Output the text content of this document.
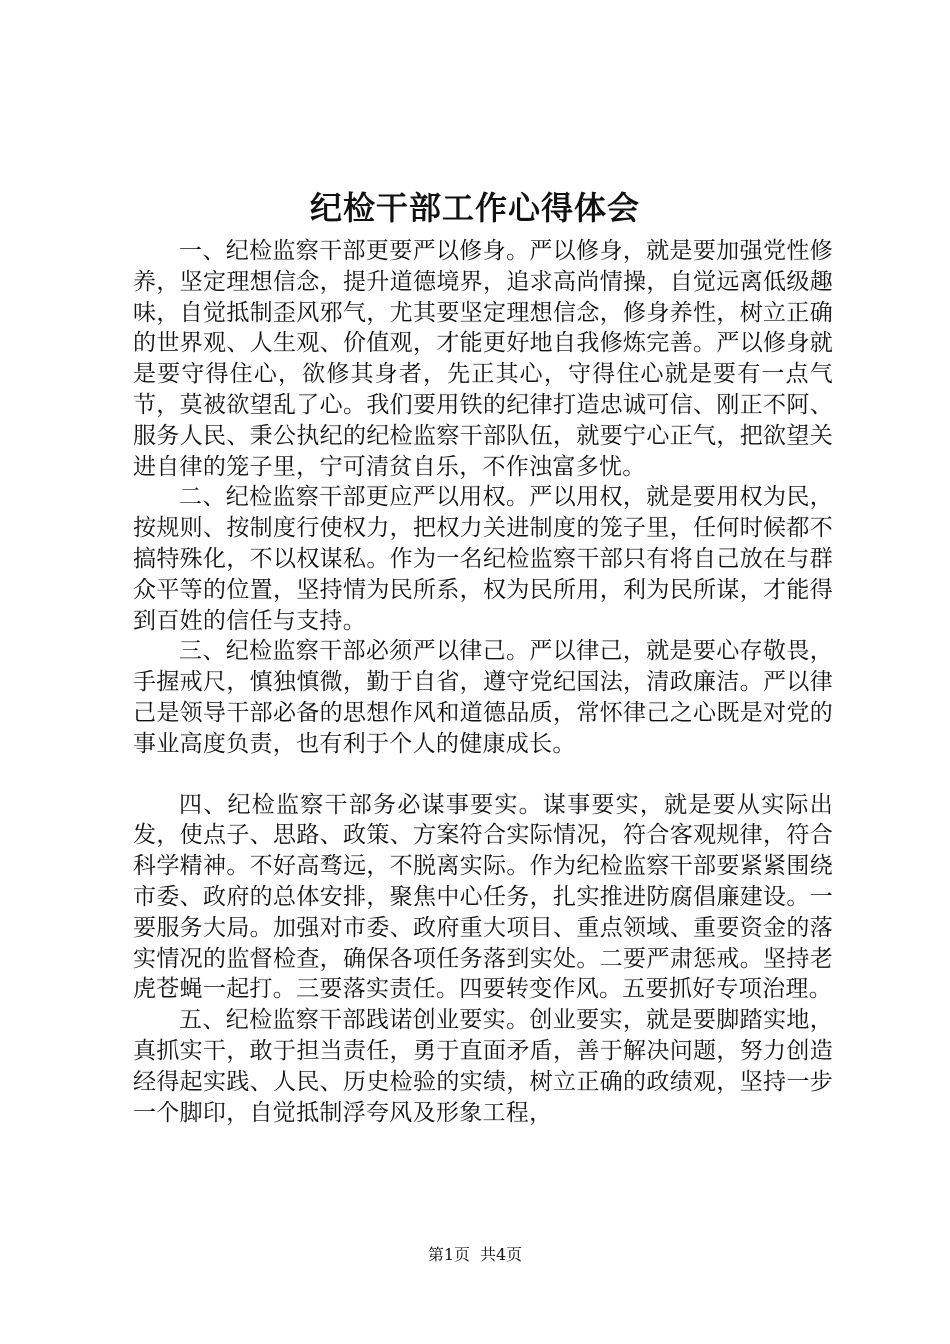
纪检干部工作心得体会

一、纪检监察干部更要严以修身。严以修身，就是要加强党性修养，坚定理想信念，提升道德境界，追求高尚情操，自觉远离低级趣味，自觉抵制歪风邪气，尤其要坚定理想信念，修身养性，树立正确的世界观、人生观、价值观，才能更好地自我修炼完善。严以修身就是要守得住心，欲修其身者，先正其心，守得住心就是要有一点气节，莫被欲望乱了心。我们要用铁的纪律打造忠诚可信、刚正不阿、服务人民、秉公执纪的纪检监察干部队伍，就要宁心正气，把欲望关进自律的笼子里，宁可清贫自乐，不作浊富多忧。

二、纪检监察干部更应严以用权。严以用权，就是要用权为民，按规则、按制度行使权力，把权力关进制度的笼子里，任何时候都不搞特殊化，不以权谋私。作为一名纪检监察干部只有将自己放在与群众平等的位置，坚持情为民所系，权为民所用，利为民所谋，才能得到百姓的信任与支持。

三、纪检监察干部必须严以律己。严以律己，就是要心存敬畏，手握戒尺，慎独慎微，勤于自省，遵守党纪国法，清政廉洁。严以律己是领导干部必备的思想作风和道德品质，常怀律己之心既是对党的事业高度负责，也有利于个人的健康成长。

四、纪检监察干部务必谋事要实。谋事要实，就是要从实际出发，使点子、思路、政策、方案符合实际情况，符合客观规律，符合科学精神。不好高骛远，不脱离实际。作为纪检监察干部要紧紧围绕市委、政府的总体安排，聚焦中心任务，扎实推进防腐倡廉建设。一要服务大局。加强对市委、政府重大项目、重点领域、重要资金的落实情况的监督检查，确保各项任务落到实处。二要严肃惩戒。坚持老虎苍蝇一起打。三要落实责任。四要转变作风。五要抓好专项治理。

五、纪检监察干部践诺创业要实。创业要实，就是要脚踏实地，真抓实干，敢于担当责任，勇于直面矛盾，善于解决问题，努力创造经得起实践、人民、历史检验的实绩，树立正确的政绩观，坚持一步一个脚印，自觉抵制浮夸风及形象工程，

第1页 共4页
